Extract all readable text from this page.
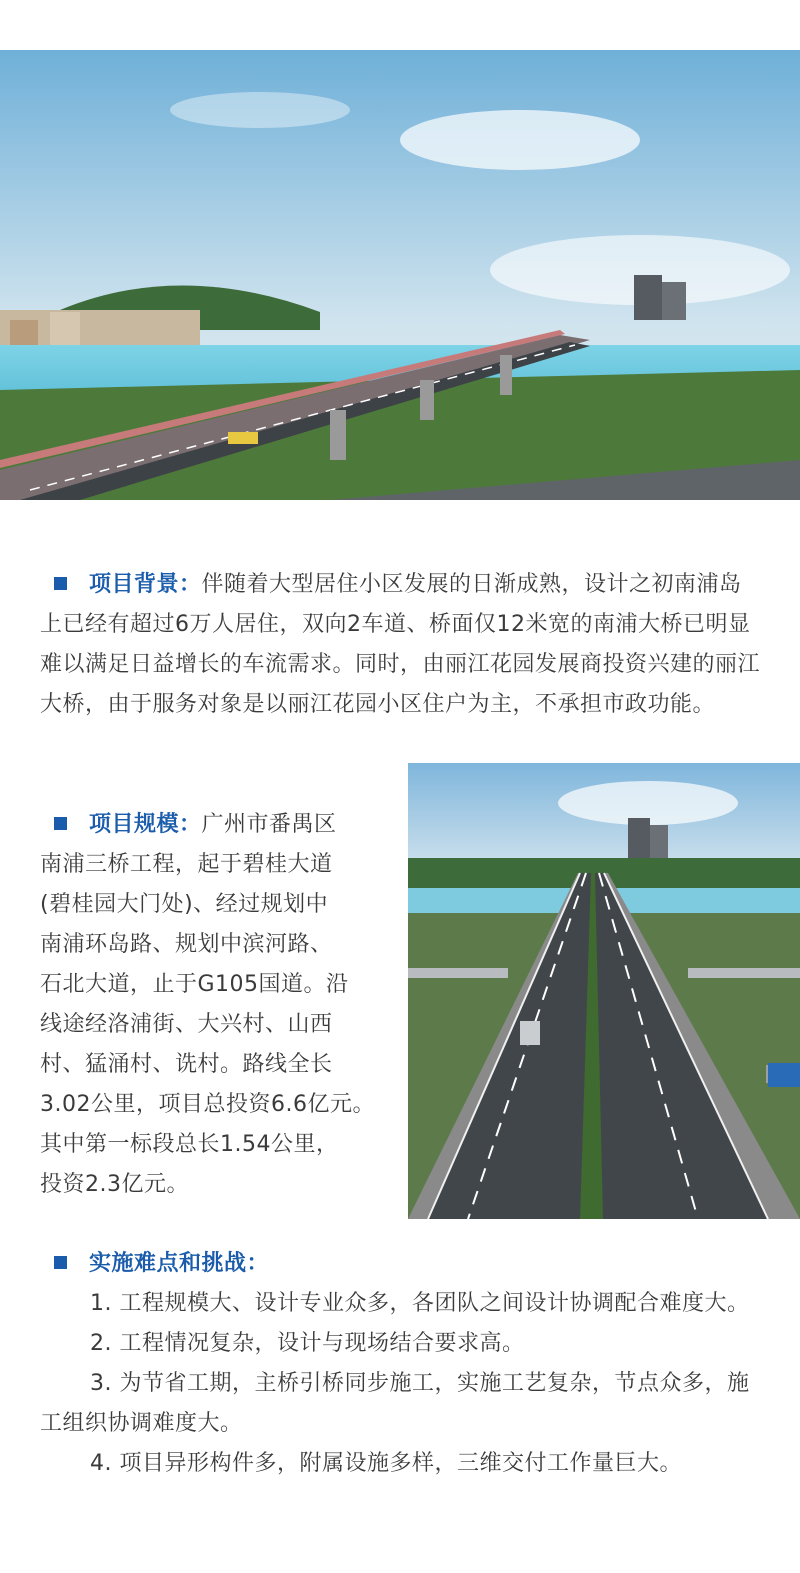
项目背景：伴随着大型居住小区发展的日渐成熟，设计之初南浦岛上已经有超过6万人居住，双向2车道、桥面仅12米宽的南浦大桥已明显难以满足日益增长的车流需求。同时，由丽江花园发展商投资兴建的丽江大桥，由于服务对象是以丽江花园小区住户为主，不承担市政功能。
项目规模：广州市番禺区
南浦三桥工程，起于碧桂大道
(碧桂园大门处)、经过规划中
南浦环岛路、规划中滨河路、
石北大道，止于G105国道。沿
线途经洛浦街、大兴村、山西
村、猛涌村、诜村。路线全长
3.02公里，项目总投资6.6亿元。
其中第一标段总长1.54公里，
投资2.3亿元。
实施难点和挑战：
1. 工程规模大、设计专业众多，各团队之间设计协调配合难度大。
2. 工程情况复杂，设计与现场结合要求高。
3. 为节省工期，主桥引桥同步施工，实施工艺复杂，节点众多，施工组织协调难度大。
4. 项目异形构件多，附属设施多样，三维交付工作量巨大。
